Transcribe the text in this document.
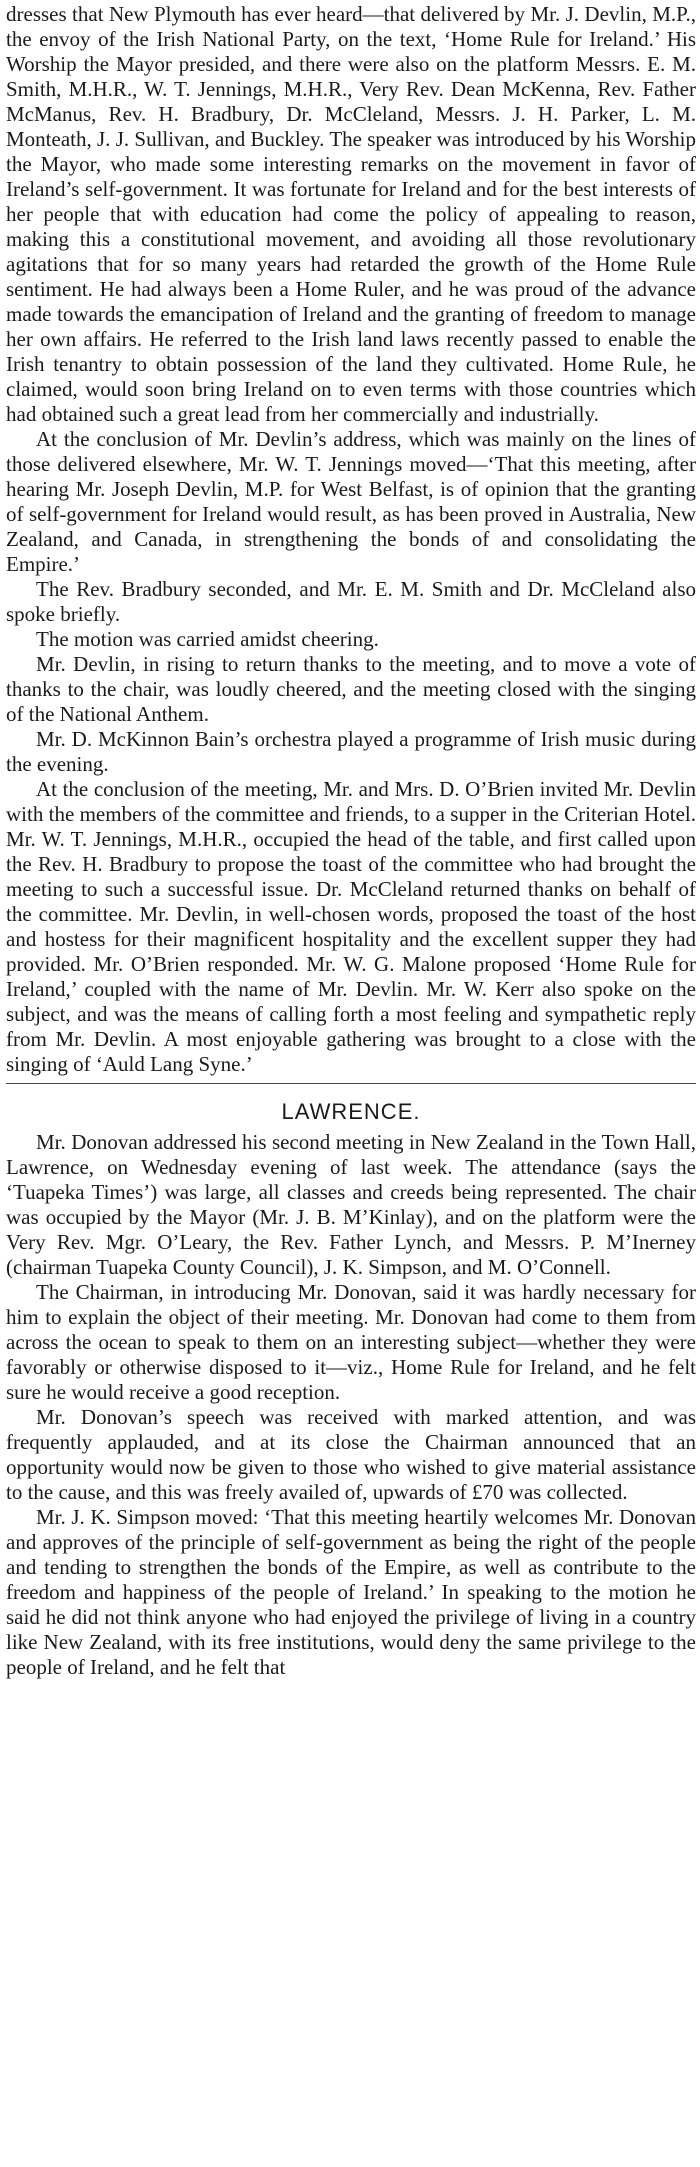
dresses that New Plymouth has ever heard—that delivered by Mr. J. Devlin, M.P., the envoy of the Irish National Party, on the text, ‘Home Rule for Ireland.’ His Worship the Mayor presided, and there were also on the platform Messrs. E. M. Smith, M.H.R., W. T. Jennings, M.H.R., Very Rev. Dean McKenna, Rev. Father McManus, Rev. H. Bradbury, Dr. McCleland, Messrs. J. H. Parker, L. M. Monteath, J. J. Sullivan, and Buckley. The speaker was introduced by his Worship the Mayor, who made some interesting remarks on the movement in favor of Ireland’s self-government. It was fortunate for Ireland and for the best interests of her people that with education had come the policy of appealing to reason, making this a constitutional movement, and avoiding all those revolutionary agitations that for so many years had retarded the growth of the Home Rule sentiment. He had always been a Home Ruler, and he was proud of the advance made towards the emancipation of Ireland and the granting of freedom to manage her own affairs. He referred to the Irish land laws recently passed to enable the Irish tenantry to obtain possession of the land they cultivated. Home Rule, he claimed, would soon bring Ireland on to even terms with those countries which had obtained such a great lead from her commercially and industrially.

At the conclusion of Mr. Devlin’s address, which was mainly on the lines of those delivered elsewhere, Mr. W. T. Jennings moved—‘That this meeting, after hearing Mr. Joseph Devlin, M.P. for West Belfast, is of opinion that the granting of self-government for Ireland would result, as has been proved in Australia, New Zealand, and Canada, in strengthening the bonds of and consolidating the Empire.’

The Rev. Bradbury seconded, and Mr. E. M. Smith and Dr. McCleland also spoke briefly.

The motion was carried amidst cheering.

Mr. Devlin, in rising to return thanks to the meeting, and to move a vote of thanks to the chair, was loudly cheered, and the meeting closed with the singing of the National Anthem.

Mr. D. McKinnon Bain’s orchestra played a programme of Irish music during the evening.

At the conclusion of the meeting, Mr. and Mrs. D. O’Brien invited Mr. Devlin with the members of the committee and friends, to a supper in the Criterian Hotel. Mr. W. T. Jennings, M.H.R., occupied the head of the table, and first called upon the Rev. H. Bradbury to propose the toast of the committee who had brought the meeting to such a successful issue. Dr. McCleland returned thanks on behalf of the committee. Mr. Devlin, in well-chosen words, proposed the toast of the host and hostess for their magnificent hospitality and the excellent supper they had provided. Mr. O’Brien responded. Mr. W. G. Malone proposed ‘Home Rule for Ireland,’ coupled with the name of Mr. Devlin. Mr. W. Kerr also spoke on the subject, and was the means of calling forth a most feeling and sympathetic reply from Mr. Devlin. A most enjoyable gathering was brought to a close with the singing of ‘Auld Lang Syne.’

LAWRENCE.

Mr. Donovan addressed his second meeting in New Zealand in the Town Hall, Lawrence, on Wednesday evening of last week. The attendance (says the ‘Tuapeka Times’) was large, all classes and creeds being represented. The chair was occupied by the Mayor (Mr. J. B. M’Kinlay), and on the platform were the Very Rev. Mgr. O’Leary, the Rev. Father Lynch, and Messrs. P. M’Inerney (chairman Tuapeka County Council), J. K. Simpson, and M. O’Connell.

The Chairman, in introducing Mr. Donovan, said it was hardly necessary for him to explain the object of their meeting. Mr. Donovan had come to them from across the ocean to speak to them on an interesting subject—whether they were favorably or otherwise disposed to it—viz., Home Rule for Ireland, and he felt sure he would receive a good reception.

Mr. Donovan’s speech was received with marked attention, and was frequently applauded, and at its close the Chairman announced that an opportunity would now be given to those who wished to give material assistance to the cause, and this was freely availed of, upwards of £70 was collected.

Mr. J. K. Simpson moved: ‘That this meeting heartily welcomes Mr. Donovan and approves of the principle of self-government as being the right of the people and tending to strengthen the bonds of the Empire, as well as contribute to the freedom and happiness of the people of Ireland.’ In speaking to the motion he said he did not think anyone who had enjoyed the privilege of living in a country like New Zealand, with its free institutions, would deny the same privilege to the people of Ireland, and he felt that
